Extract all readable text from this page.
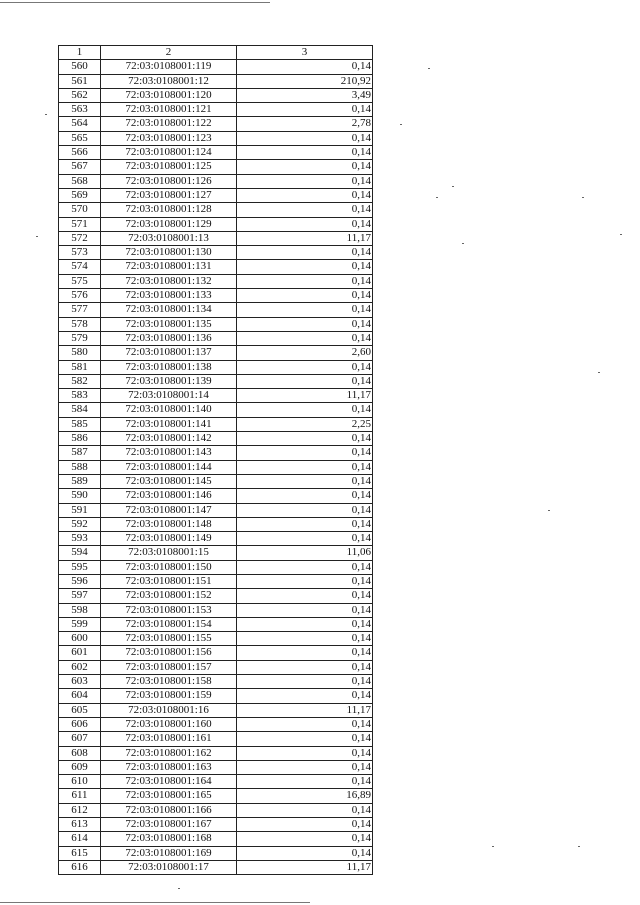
1	2	3
560	72:03:0108001:119	0,14
561	72:03:0108001:12	210,92
562	72:03:0108001:120	3,49
563	72:03:0108001:121	0,14
564	72:03:0108001:122	2,78
565	72:03:0108001:123	0,14
566	72:03:0108001:124	0,14
567	72:03:0108001:125	0,14
568	72:03:0108001:126	0,14
569	72:03:0108001:127	0,14
570	72:03:0108001:128	0,14
571	72:03:0108001:129	0,14
572	72:03:0108001:13	11,17
573	72:03:0108001:130	0,14
574	72:03:0108001:131	0,14
575	72:03:0108001:132	0,14
576	72:03:0108001:133	0,14
577	72:03:0108001:134	0,14
578	72:03:0108001:135	0,14
579	72:03:0108001:136	0,14
580	72:03:0108001:137	2,60
581	72:03:0108001:138	0,14
582	72:03:0108001:139	0,14
583	72:03:0108001:14	11,17
584	72:03:0108001:140	0,14
585	72:03:0108001:141	2,25
586	72:03:0108001:142	0,14
587	72:03:0108001:143	0,14
588	72:03:0108001:144	0,14
589	72:03:0108001:145	0,14
590	72:03:0108001:146	0,14
591	72:03:0108001:147	0,14
592	72:03:0108001:148	0,14
593	72:03:0108001:149	0,14
594	72:03:0108001:15	11,06
595	72:03:0108001:150	0,14
596	72:03:0108001:151	0,14
597	72:03:0108001:152	0,14
598	72:03:0108001:153	0,14
599	72:03:0108001:154	0,14
600	72:03:0108001:155	0,14
601	72:03:0108001:156	0,14
602	72:03:0108001:157	0,14
603	72:03:0108001:158	0,14
604	72:03:0108001:159	0,14
605	72:03:0108001:16	11,17
606	72:03:0108001:160	0,14
607	72:03:0108001:161	0,14
608	72:03:0108001:162	0,14
609	72:03:0108001:163	0,14
610	72:03:0108001:164	0,14
611	72:03:0108001:165	16,89
612	72:03:0108001:166	0,14
613	72:03:0108001:167	0,14
614	72:03:0108001:168	0,14
615	72:03:0108001:169	0,14
616	72:03:0108001:17	11,17
